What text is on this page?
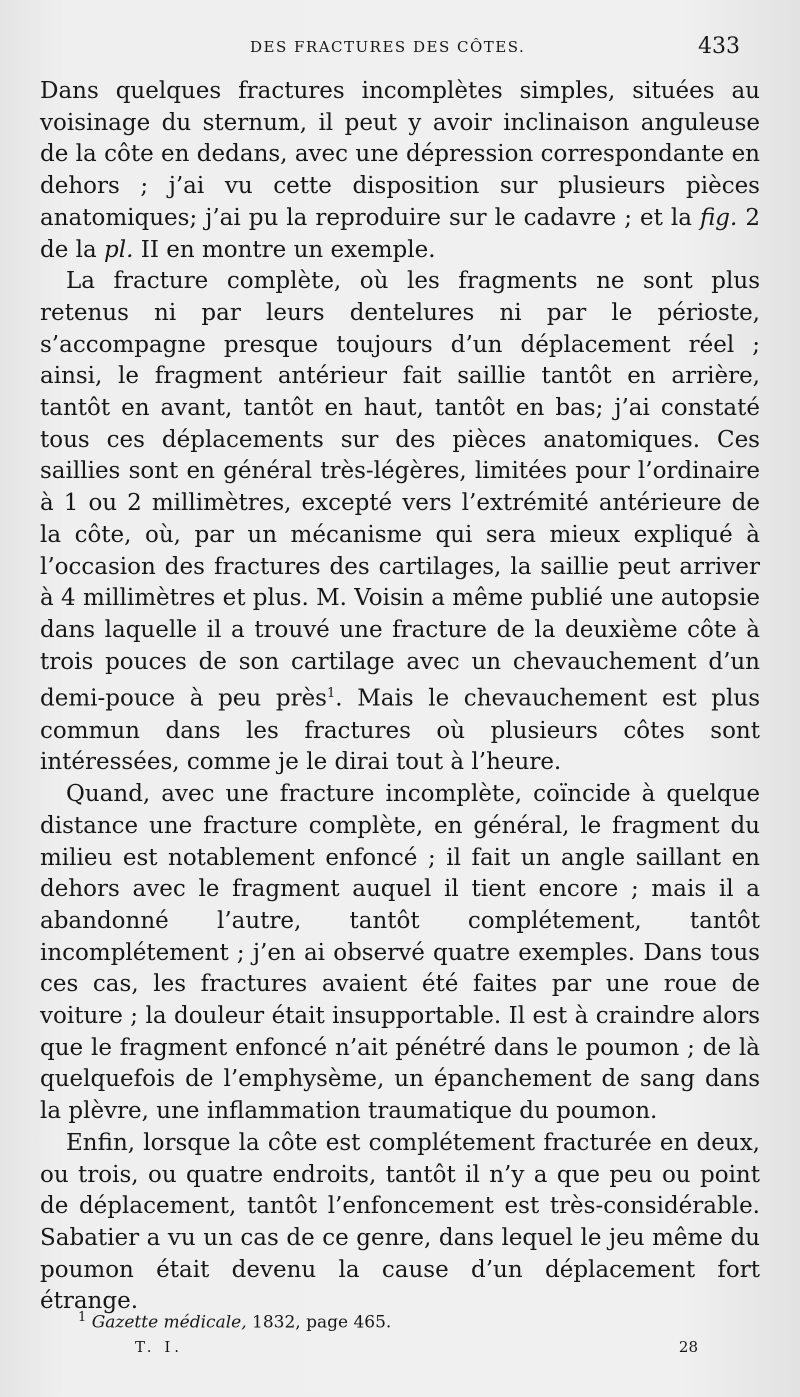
DES FRACTURES DES CÔTES.	433

Dans quelques fractures incomplètes simples, situées au voisinage du sternum, il peut y avoir inclinaison anguleuse de la côte en dedans, avec une dépression correspondante en dehors ; j’ai vu cette disposition sur plusieurs pièces anatomiques; j’ai pu la reproduire sur le cadavre ; et la fig. 2 de la pl. II en montre un exemple.

La fracture complète, où les fragments ne sont plus retenus ni par leurs dentelures ni par le périoste, s’accompagne presque toujours d’un déplacement réel ; ainsi, le fragment antérieur fait saillie tantôt en arrière, tantôt en avant, tantôt en haut, tantôt en bas; j’ai constaté tous ces déplacements sur des pièces anatomiques. Ces saillies sont en général très-légères, limitées pour l’ordinaire à 1 ou 2 millimètres, excepté vers l’extrémité antérieure de la côte, où, par un mécanisme qui sera mieux expliqué à l’occasion des fractures des cartilages, la saillie peut arriver à 4 millimètres et plus. M. Voisin a même publié une autopsie dans laquelle il a trouvé une fracture de la deuxième côte à trois pouces de son cartilage avec un chevauchement d’un demi-pouce à peu près$^1$. Mais le chevauchement est plus commun dans les fractures où plusieurs côtes sont intéressées, comme je le dirai tout à l’heure.

Quand, avec une fracture incomplète, coïncide à quelque distance une fracture complète, en général, le fragment du milieu est notablement enfoncé ; il fait un angle saillant en dehors avec le fragment auquel il tient encore ; mais il a abandonné l’autre, tantôt complétement, tantôt incomplétement ; j’en ai observé quatre exemples. Dans tous ces cas, les fractures avaient été faites par une roue de voiture ; la douleur était insupportable. Il est à craindre alors que le fragment enfoncé n’ait pénétré dans le poumon ; de là quelquefois de l’emphysème, un épanchement de sang dans la plèvre, une inflammation traumatique du poumon.

Enfin, lorsque la côte est complétement fracturée en deux, ou trois, ou quatre endroits, tantôt il n’y a que peu ou point de déplacement, tantôt l’enfoncement est très-considérable. Sabatier a vu un cas de ce genre, dans lequel le jeu même du poumon était devenu la cause d’un déplacement fort étrange.

$^1$ Gazette médicale, 1832, page 465.
T. I.	28
